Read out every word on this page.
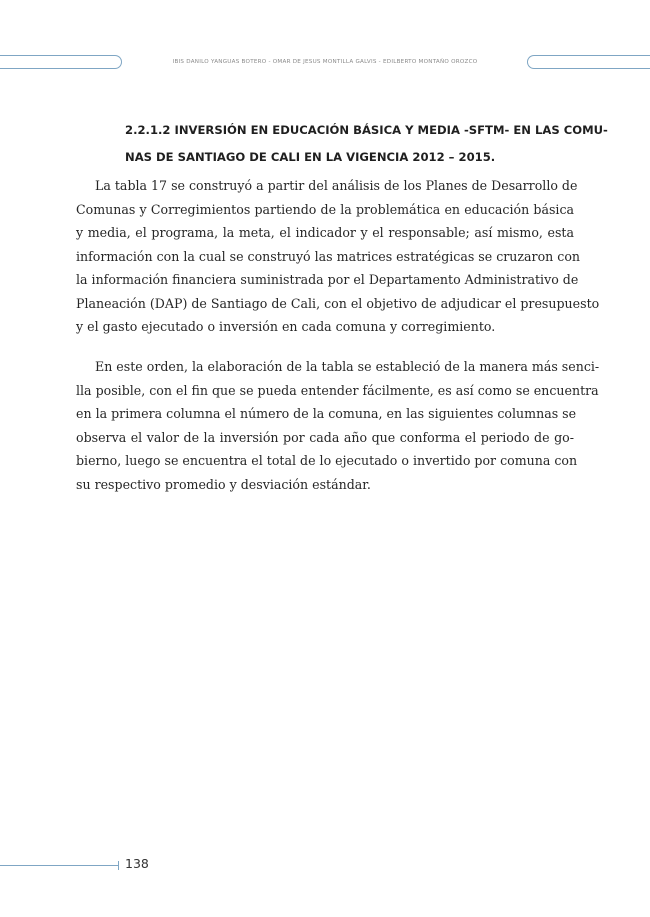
IBIS DANILO YANGUAS BOTERO - OMAR DE JESUS MONTILLA GALVIS - EDILBERTO MONTAÑO OROZCO
2.2.1.2 INVERSIÓN EN EDUCACIÓN BÁSICA Y MEDIA -SFTM- EN LAS COMU-
NAS DE SANTIAGO DE CALI EN LA VIGENCIA 2012 – 2015.

La tabla 17 se construyó a partir del análisis de los Planes de Desarrollo de
Comunas y Corregimientos partiendo de la problemática en educación básica
y media, el programa, la meta, el indicador y el responsable; así mismo, esta
información con la cual se construyó las matrices estratégicas se cruzaron con
la información financiera suministrada por el Departamento Administrativo de
Planeación (DAP) de Santiago de Cali, con el objetivo de adjudicar el presupuesto
y el gasto ejecutado o inversión en cada comuna y corregimiento.

En este orden, la elaboración de la tabla se estableció de la manera más senci-
lla posible, con el fin que se pueda entender fácilmente, es así como se encuentra
en la primera columna el número de la comuna, en las siguientes columnas se
observa el valor de la inversión por cada año que conforma el periodo de go-
bierno, luego se encuentra el total de lo ejecutado o invertido por comuna con
su respectivo promedio y desviación estándar.

138
